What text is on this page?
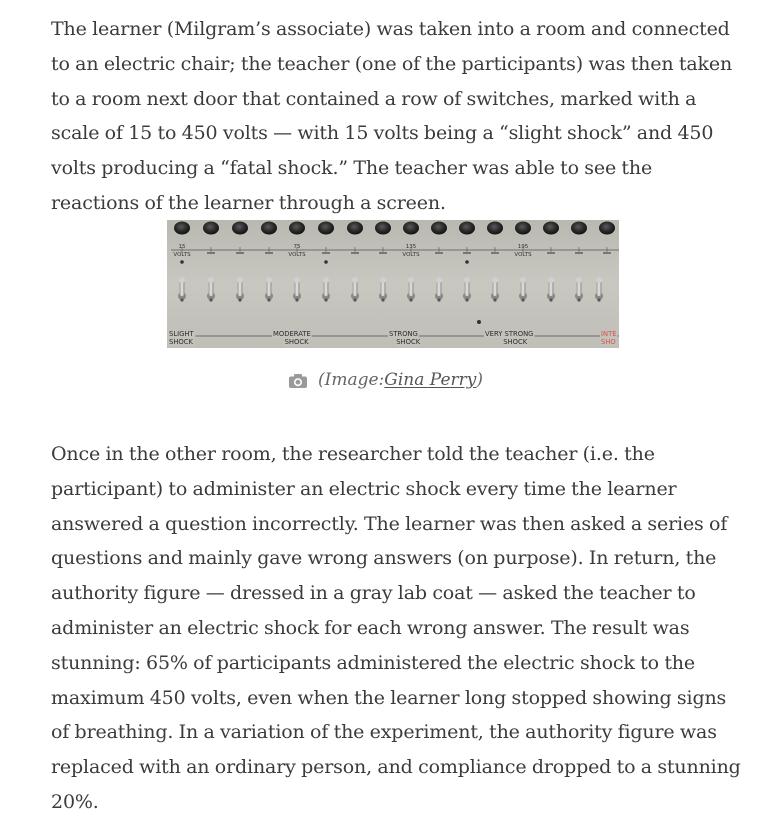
The learner (Milgram’s associate) was taken into a room and connected to an electric chair; the teacher (one of the participants) was then taken to a room next door that contained a row of switches, marked with a scale of 15 to 450 volts — with 15 volts being a “slight shock” and 450 volts producing a “fatal shock.” The teacher was able to see the reactions of the learner through a screen.

15
VOLTS
75
VOLTS
135
VOLTS
195
VOLTS
SLIGHT
SHOCK
MODERATE
SHOCK
STRONG
SHOCK
VERY STRONG
SHOCK
INTE
SHO
(Image: Gina Perry )

Once in the other room, the researcher told the teacher (i.e. the participant) to administer an electric shock every time the learner answered a question incorrectly. The learner was then asked a series of questions and mainly gave wrong answers (on purpose). In return, the authority figure — dressed in a gray lab coat — asked the teacher to administer an electric shock for each wrong answer. The result was stunning: 65% of participants administered the electric shock to the maximum 450 volts, even when the learner long stopped showing signs of breathing. In a variation of the experiment, the authority figure was replaced with an ordinary person, and compliance dropped to a stunning 20%.
